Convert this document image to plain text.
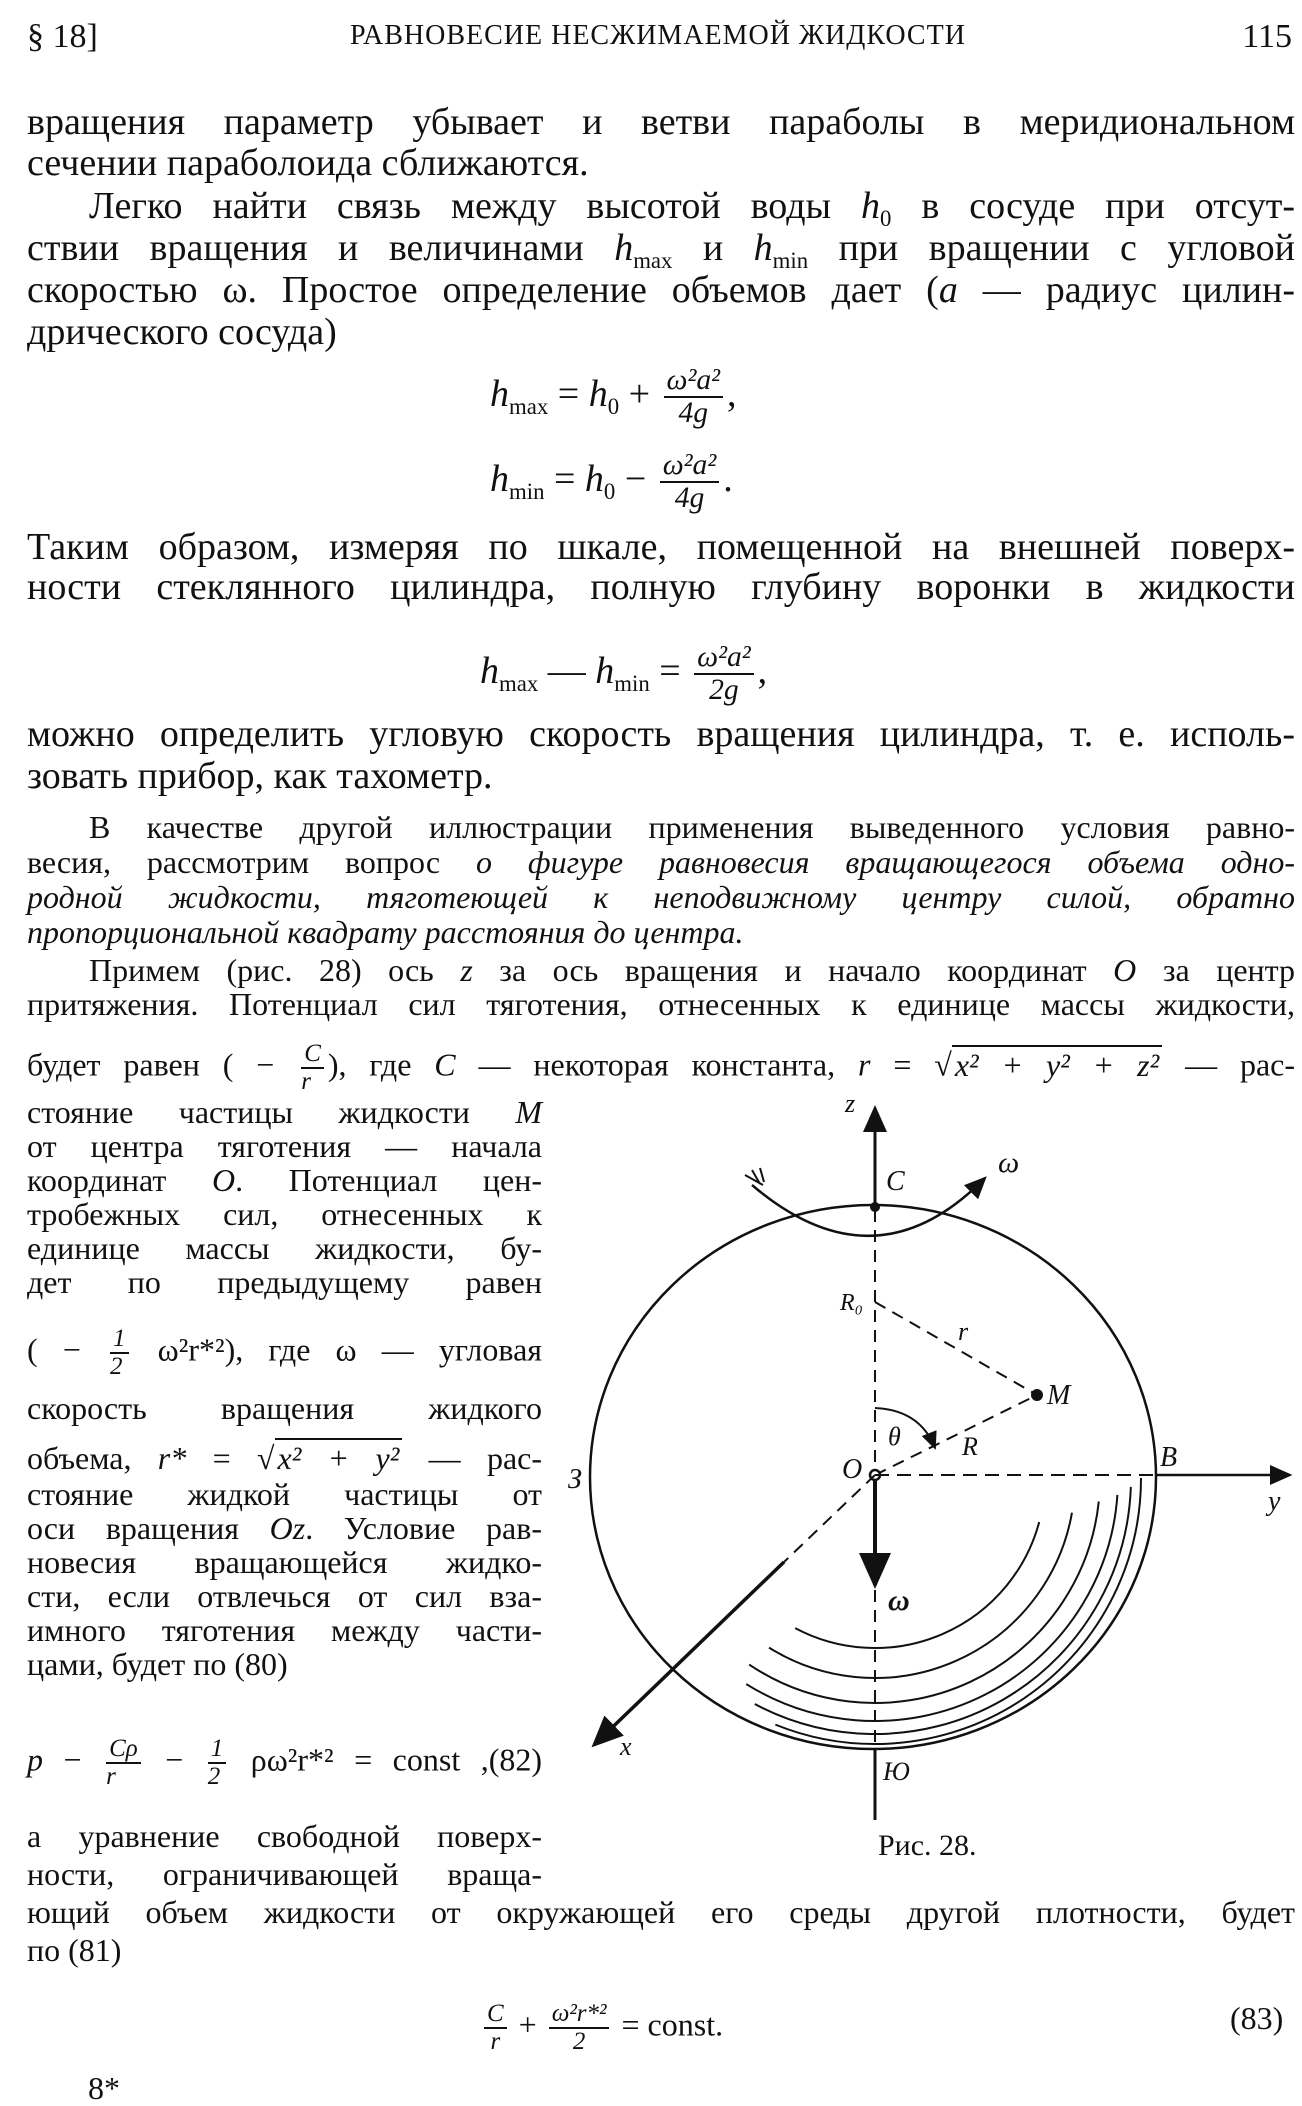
§ 18]	РАВНОВЕСИЕ НЕСЖИМАЕМОЙ ЖИДКОСТИ	115
вращения параметр убывает и ветви параболы в меридиональном
сечении параболоида сближаются.
Легко найти связь между высотой воды $h_0$ в сосуде при отсут-
ствии вращения и величинами $h_{max}$ и $h_{min}$ при вращении с угловой
скоростью ω. Простое определение объемов дает (a — радиус цилин-
дрического сосуда)
$h_{max} = h_0 + \frac{\text{ω²a²}}{4g}$ ,
$h_{min} = h_0 - \frac{\text{ω²a²}}{4g}$ .
Таким образом, измеряя по шкале, помещенной на внешней поверх-
ности стеклянного цилиндра, полную глубину воронки в жидкости
$h_{max}$ — $h_{min} = \frac{\text{ω²a²}}{2g}$ ,
можно определить угловую скорость вращения цилиндра, т. е. исполь-
зовать прибор, как тахометр.
В качестве другой иллюстрации применения выведенного условия равно-
весия, рассмотрим вопрос о фигуре равновесия вращающегося объема одно-
родной жидкости, тяготеющей к неподвижному центру силой, обратно
пропорциональной квадрату расстояния до центра.
Примем (рис. 28) ось z за ось вращения и начало координат O за центр
притяжения. Потенциал сил тяготения, отнесенных к единице массы жидкости,
будет равен ( − $\frac{C}{r}$ ), где C — некоторая константа, r = √x² + y² + z² — рас-
стояние частицы жидкости M
от центра тяготения — начала
координат O. Потенциал цен-
тробежных сил, отнесенных к
единице массы жидкости, бу-
дет по предыдущему равен
( − $\frac{1}{2} \omega^2r*^2$), где ω — угловая
скорость вращения жидкого
объема, r* = √x² + y² — рас-
стояние жидкой частицы от
оси вращения Oz. Условие рав-
новесия вращающейся жидко-
сти, если отвлечься от сил вза-
имного тяготения между части-
цами, будет по (80)
$p - \frac{C\rho}{r} - \frac{1}{2} \rho\omega^2r*^2$ = const ,(82)
а уравнение свободной поверх-
ности, ограничивающей враща-
ющий объем жидкости от окружающей его среды другой плотности, будет
по (81)
$\frac{C}{r} + \frac{\text{ω²r*²}}{2}$ = const.	(83)
8*
z
C
ω
R₀
r
M
θ R
O	B
y
З
ω
x
Ю
Рис. 28.
